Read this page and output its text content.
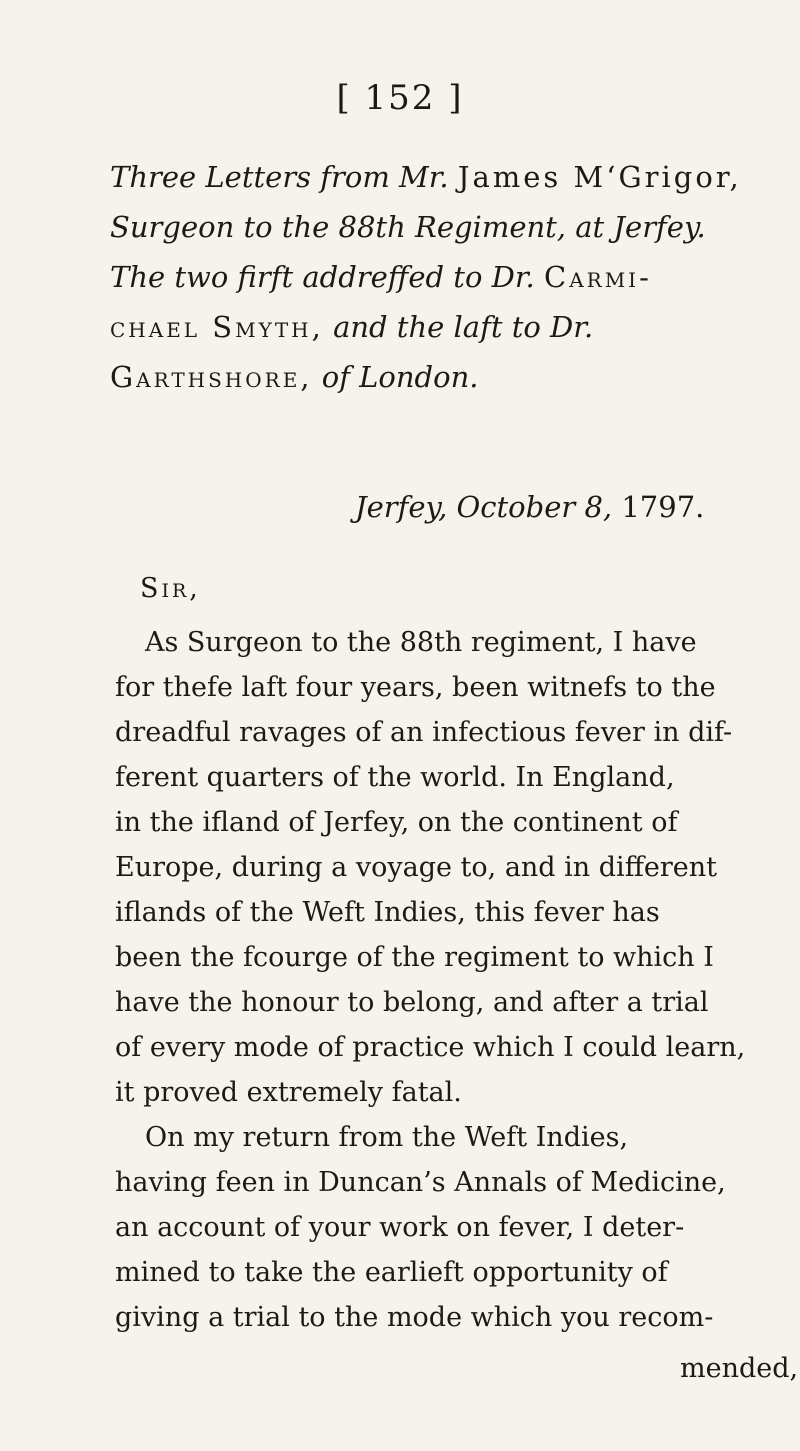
[ 152 ]
Three Letters from Mr. James M‘Grigor,
Surgeon to the 88th Regiment, at Jerfey.
The two firft addreffed to Dr. Carmi-
chael Smyth, and the laft to Dr.
Garthshore, of London.
Jerfey, October 8, 1797.
Sir,
As Surgeon to the 88th regiment, I have
for thefe laft four years, been witnefs to the
dreadful ravages of an infectious fever in dif-
ferent quarters of the world. In England,
in the ifland of Jerfey, on the continent of
Europe, during a voyage to, and in different
iflands of the Weft Indies, this fever has
been the fcourge of the regiment to which I
have the honour to belong, and after a trial
of every mode of practice which I could learn,
it proved extremely fatal.
On my return from the Weft Indies,
having feen in Duncan’s Annals of Medicine,
an account of your work on fever, I deter-
mined to take the earlieft opportunity of
giving a trial to the mode which you recom-
mended,
